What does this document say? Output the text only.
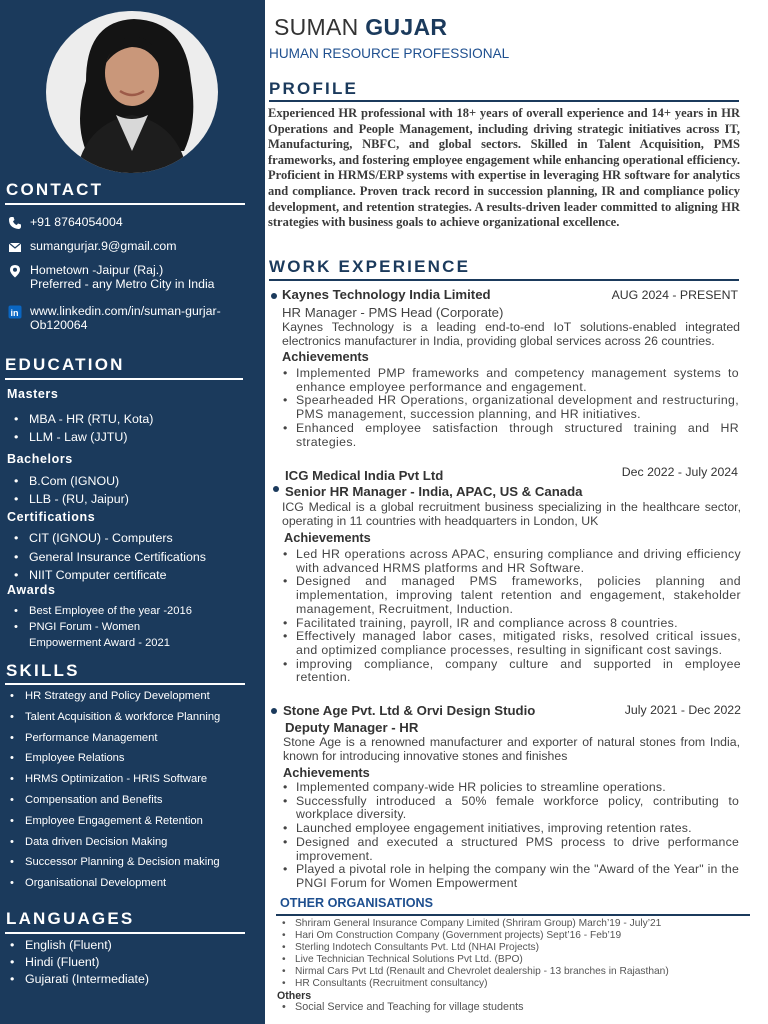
CONTACT
+91 8764054004
sumangurjar.9@gmail.com
Hometown -Jaipur (Raj.)
Preferred - any Metro City in India
in www.linkedin.com/in/suman-gurjar-
Ob120064
EDUCATION
Masters
• MBA - HR (RTU, Kota)
• LLM - Law (JJTU)
Bachelors
• B.Com (IGNOU)
• LLB - (RU, Jaipur)
Certifications
• CIT (IGNOU) - Computers
• General Insurance Certifications
• NIIT Computer certificate
Awards
• Best Employee of the year -2016
• PNGI Forum - Women Empowerment Award - 2021
SKILLS
• HR Strategy and Policy Development
• Talent Acquisition & workforce Planning
• Performance Management
• Employee Relations
• HRMS Optimization - HRIS Software
• Compensation and Benefits
• Employee Engagement & Retention
• Data driven Decision Making
• Successor Planning & Decision making
• Organisational Development
LANGUAGES
• English (Fluent)
• Hindi (Fluent)
• Gujarati (Intermediate)
SUMAN GUJAR
HUMAN RESOURCE PROFESSIONAL
PROFILE
Experienced HR professional with 18+ years of overall experience and 14+ years in HR Operations and People Management, including driving strategic initiatives across IT, Manufacturing, NBFC, and global sectors. Skilled in Talent Acquisition, PMS frameworks, and fostering employee engagement while enhancing operational efficiency. Proficient in HRMS/ERP systems with expertise in leveraging HR software for analytics and compliance. Proven track record in succession planning, IR and compliance policy development, and retention strategies. A results-driven leader committed to aligning HR strategies with business goals to achieve organizational excellence.
WORK EXPERIENCE
Kaynes Technology India Limited	AUG 2024 - PRESENT
HR Manager - PMS Head (Corporate)
Kaynes Technology is a leading end-to-end IoT solutions-enabled integrated electronics manufacturer in India, providing global services across 26 countries.
Achievements
• Implemented PMP frameworks and competency management systems to enhance employee performance and engagement.
• Spearheaded HR Operations, organizational development and restructuring, PMS management, succession planning, and HR initiatives.
• Enhanced employee satisfaction through structured training and HR strategies.
ICG Medical India Pvt Ltd	Dec 2022 - July 2024
Senior HR Manager - India, APAC, US & Canada
ICG Medical is a global recruitment business specializing in the healthcare sector, operating in 11 countries with headquarters in London, UK
Achievements
• Led HR operations across APAC, ensuring compliance and driving efficiency with advanced HRMS platforms and HR Software.
• Designed and managed PMS frameworks, policies planning and implementation, improving talent retention and engagement, stakeholder management, Recruitment, Induction.
• Facilitated training, payroll, IR and compliance across 8 countries.
• Effectively managed labor cases, mitigated risks, resolved critical issues, and optimized compliance processes, resulting in significant cost savings.
• improving compliance, company culture and supported in employee retention.
Stone Age Pvt. Ltd & Orvi Design Studio	July 2021 - Dec 2022
Deputy Manager - HR
Stone Age is a renowned manufacturer and exporter of natural stones from India, known for introducing innovative stones and finishes
Achievements
• Implemented company-wide HR policies to streamline operations.
• Successfully introduced a 50% female workforce policy, contributing to workplace diversity.
• Launched employee engagement initiatives, improving retention rates.
• Designed and executed a structured PMS process to drive performance improvement.
• Played a pivotal role in helping the company win the "Award of the Year" in the PNGI Forum for Women Empowerment
OTHER ORGANISATIONS
• Shriram General Insurance Company Limited (Shriram Group) March’19 - July’21
• Hari Om Construction Company (Government projects) Sept’16 - Feb’19
• Sterling Indotech Consultants Pvt. Ltd (NHAI Projects)
• Live Technician Technical Solutions Pvt Ltd. (BPO)
• Nirmal Cars Pvt Ltd (Renault and Chevrolet dealership - 13 branches in Rajasthan)
• HR Consultants (Recruitment consultancy)
Others
• Social Service and Teaching for village students
